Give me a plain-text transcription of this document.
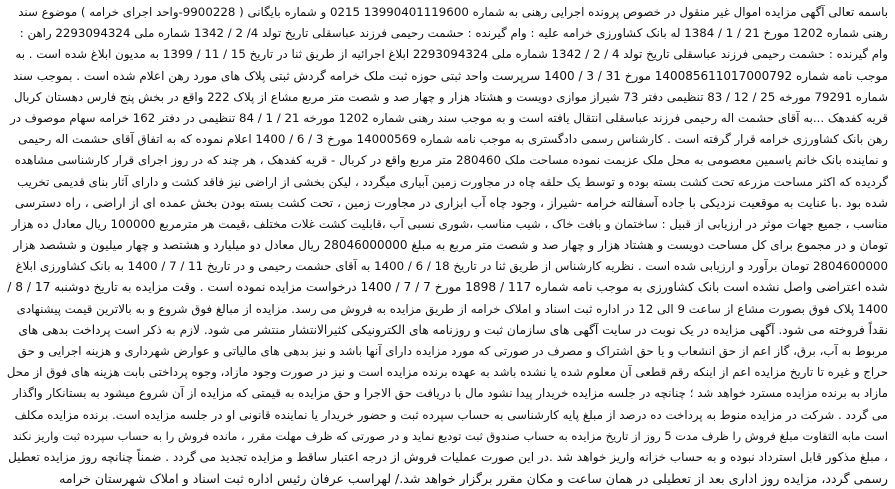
باسمه تعالی آگهی مزایده اموال غیر منقول در خصوص پرونده اجرایی رهنی به شماره 13990401119600 0215 و شماره بایگانی ( 9900228-واحد اجرای خرامه ) موضوع سند
رهنی شماره 1202 مورخ 21 / 1 / 1384 له بانک کشاورزی خرامه علیه : وام گیرنده : حشمت رحیمی فرزند عباسقلی تاریخ تولد 4/ 2 / 1342 شماره ملی 2293094324 راهن :
وام گیرنده : حشمت رحیمی فرزند عباسقلی تاریخ تولد 4 / 2 / 1342 شماره ملی 2293094324 ابلاغ اجرائیه از طریق ثنا در تاریخ 15 / 11 / 1399 به مدیون ابلاغ شده است . به
موجب نامه شماره 140085611017000792 مورخ 31 / 3 / 1400 سرپرست واحد ثبتی حوزه ثبت ملک خرامه گردش ثبتی پلاک های مورد رهن اعلام شده است . بموجب سند
شماره 79291 مورخه 25 / 12 / 83 تنظیمی دفتر 73 شیراز موازی دویست و هشتاد هزار و چهار صد و شصت متر مربع مشاع از پلاک 222 واقع در بخش پنج فارس دهستان کربال
قریه کفدهک ...به آقای حشمت اله رحیمی فرزند عباسقلی انتقال یافته است و به موجب سند رهنی شماره 1202 مورخه 21 / 1 / 84 تنظیمی در دفتر 162 خرامه سهام موصوف در
رهن بانک کشاورزی خرامه قرار گرفته است . کارشناس رسمی دادگستری به موجب نامه شماره 14000569 مورخ 3 / 6 / 1400 اعلام نموده که به اتفاق آقای حشمت اله رحیمی
و نماینده بانک خانم یاسمین معصومی به محل ملک عزیمت نموده مساحت ملک 280460 متر مربع واقع در کربال - قریه کفدهک ، هر چند که در روز اجرای قرار کارشناسی مشاهده
گردیده که اکثر مساحت مزرعه تحت کشت بسته بوده و توسط یک حلقه چاه در مجاورت زمین آبیاری میگردد ، لیکن بخشی از اراضی نیز فاقد کشت و دارای آثار بنای قدیمی تخریب
شده بود .با عنایت به موقعیت نزدیکی با جاده آسفالته خرامه -شیراز ، وجود چاه آب ابزاری در مجاورت زمین ، تحت کشت بسته بودن بخش عمده ای از اراضی ، راه دسترسی
مناسب ، جمیع جهات موثر در ارزیابی از قبیل : ساختمان و بافت خاک ، شیب مناسب ،شوری نسبی آب ،قابلیت کشت غلات مختلف ،قیمت هر مترمربع 100000 ریال معادل ده هزار
تومان و در مجموع برای کل مساحت دویست و هشتاد هزار و چهار صد و شصت متر مربع به مبلغ 28046000000 ریال معادل دو میلیارد و هشتصد و چهار میلیون و ششصد هزار
2804600000 تومان برآورد و ارزیابی شده است . نظریه کارشناس از طریق ثنا در تاریخ 18 / 6 / 1400 به آقای حشمت رحیمی و در تاریخ 11 / 7 / 1400 به بانک کشاورزی ابلاغ
شده اعتراضی واصل نشده است بانک کشاورزی به موجب نامه شماره 117 / 1898 مورخ 7 / 7 / 1400 درخواست مزایده نموده است . وقت مزایده به تاریخ دوشنبه 17 / 8 /
1400 پلاک فوق بصورت مشاع از ساعت 9 الی 12 در اداره ثبت اسناد و املاک خرامه از طریق مزایده به فروش می رسد. مزایده از مبالغ فوق شروع و به بالاترین قیمت پیشنهادی
نقداً فروخته می شود. آگهی مزایده در یک نوبت در سایت آگهی های سازمان ثبت و روزنامه های الکترونیکی کثیرالانتشار منتشر می شود. لازم به ذکر است پرداخت بدهی های
مربوط به آب، برق، گاز اعم از حق انشعاب و یا حق اشتراک و مصرف در صورتی که مورد مزایده دارای آنها باشد و نیز بدهی های مالیاتی و عوارض شهرداری و هزینه اجرایی و حق
حراج و غیره تا تاریخ مزایده اعم از اینکه رقم قطعی آن معلوم شده یا نشده باشد به عهده برنده مزایده است و نیز در صورت وجود مازاد، وجوه پرداختی بابت هزینه های فوق از محل
مازاد به برنده مزایده مسترد خواهد شد ؛ چنانچه در جلسه مزایده خریدار پیدا نشود مال با دریافت حق الاجرا و حق مزایده به قیمتی که مزایده از آن شروع میشود به بستانکار واگذار
می گردد . شرکت در مزایده منوط به پرداخت ده درصد از مبلغ پایه کارشناسی به حساب سپرده ثبت و حضور خریدار یا نماینده قانونی او در جلسه مزایده است. برنده مزایده مکلف
است مابه التفاوت مبلغ فروش را ظرف مدت 5 روز از تاریخ مزایده به حساب صندوق ثبت تودیع نماید و در صورتی که ظرف مهلت مقرر ، مانده فروش را به حساب سپرده ثبت واریز نکند
، مبلغ مذکور قابل استرداد نبوده و به حساب خزانه واریز خواهد شد .در این صورت عملیات فروش از درجه اعتبار ساقط و مزایده تجدید می گردد . ضمناً چنانچه روز مزایده تعطیل
رسمی گردد، مزایده روز اداری بعد از تعطیلی در همان ساعت و مکان مقرر برگزار خواهد شد./ لهراسب عرفان رئیس اداره ثبت اسناد و املاک شهرستان خرامه
